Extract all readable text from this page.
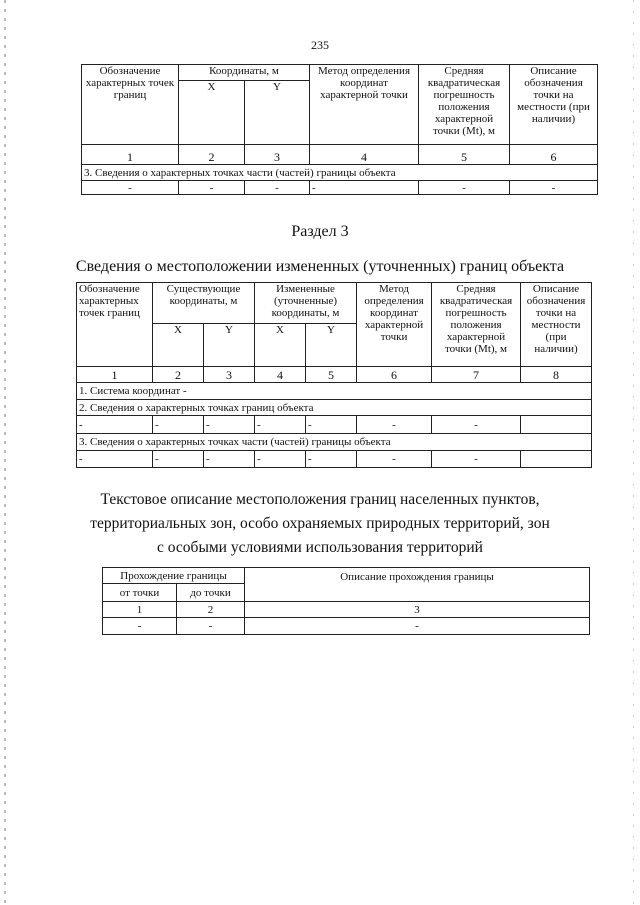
235
Обозначение характерных точек границ	Координаты, м		Метод определения координат характерной точки	Средняя квадратическая погрешность положения характерной точки (Mt), м	Описание обозначения точки на местности (при наличии)
	X	Y			
1	2	3	4	5	6
3. Сведения о характерных точках части (частей) границы объекта					
-	-	-	-	-	-
Раздел 3
Сведения о местоположении измененных (уточненных) границ объекта
Обозначение характерных точек границ	Существующие координаты, м		Измененные (уточненные) координаты, м		Метод определения координат характерной точки	Средняя квадратическая погрешность положения характерной точки (Mt), м	Описание обозначения точки на местности (при наличии)
	X	Y	X	Y			
1	2	3	4	5	6	7	8
1. Система координат -							
2. Сведения о характерных точках границ объекта							
-	-	-	-	-	-	-	
3. Сведения о характерных точках части (частей) границы объекта							
-	-	-	-	-	-	-	
Текстовое описание местоположения границ населенных пунктов,
территориальных зон, особо охраняемых природных территорий, зон
с особыми условиями использования территорий
Прохождение границы		Описание прохождения границы
от точки	до точки	
1	2	3
-	-	-
